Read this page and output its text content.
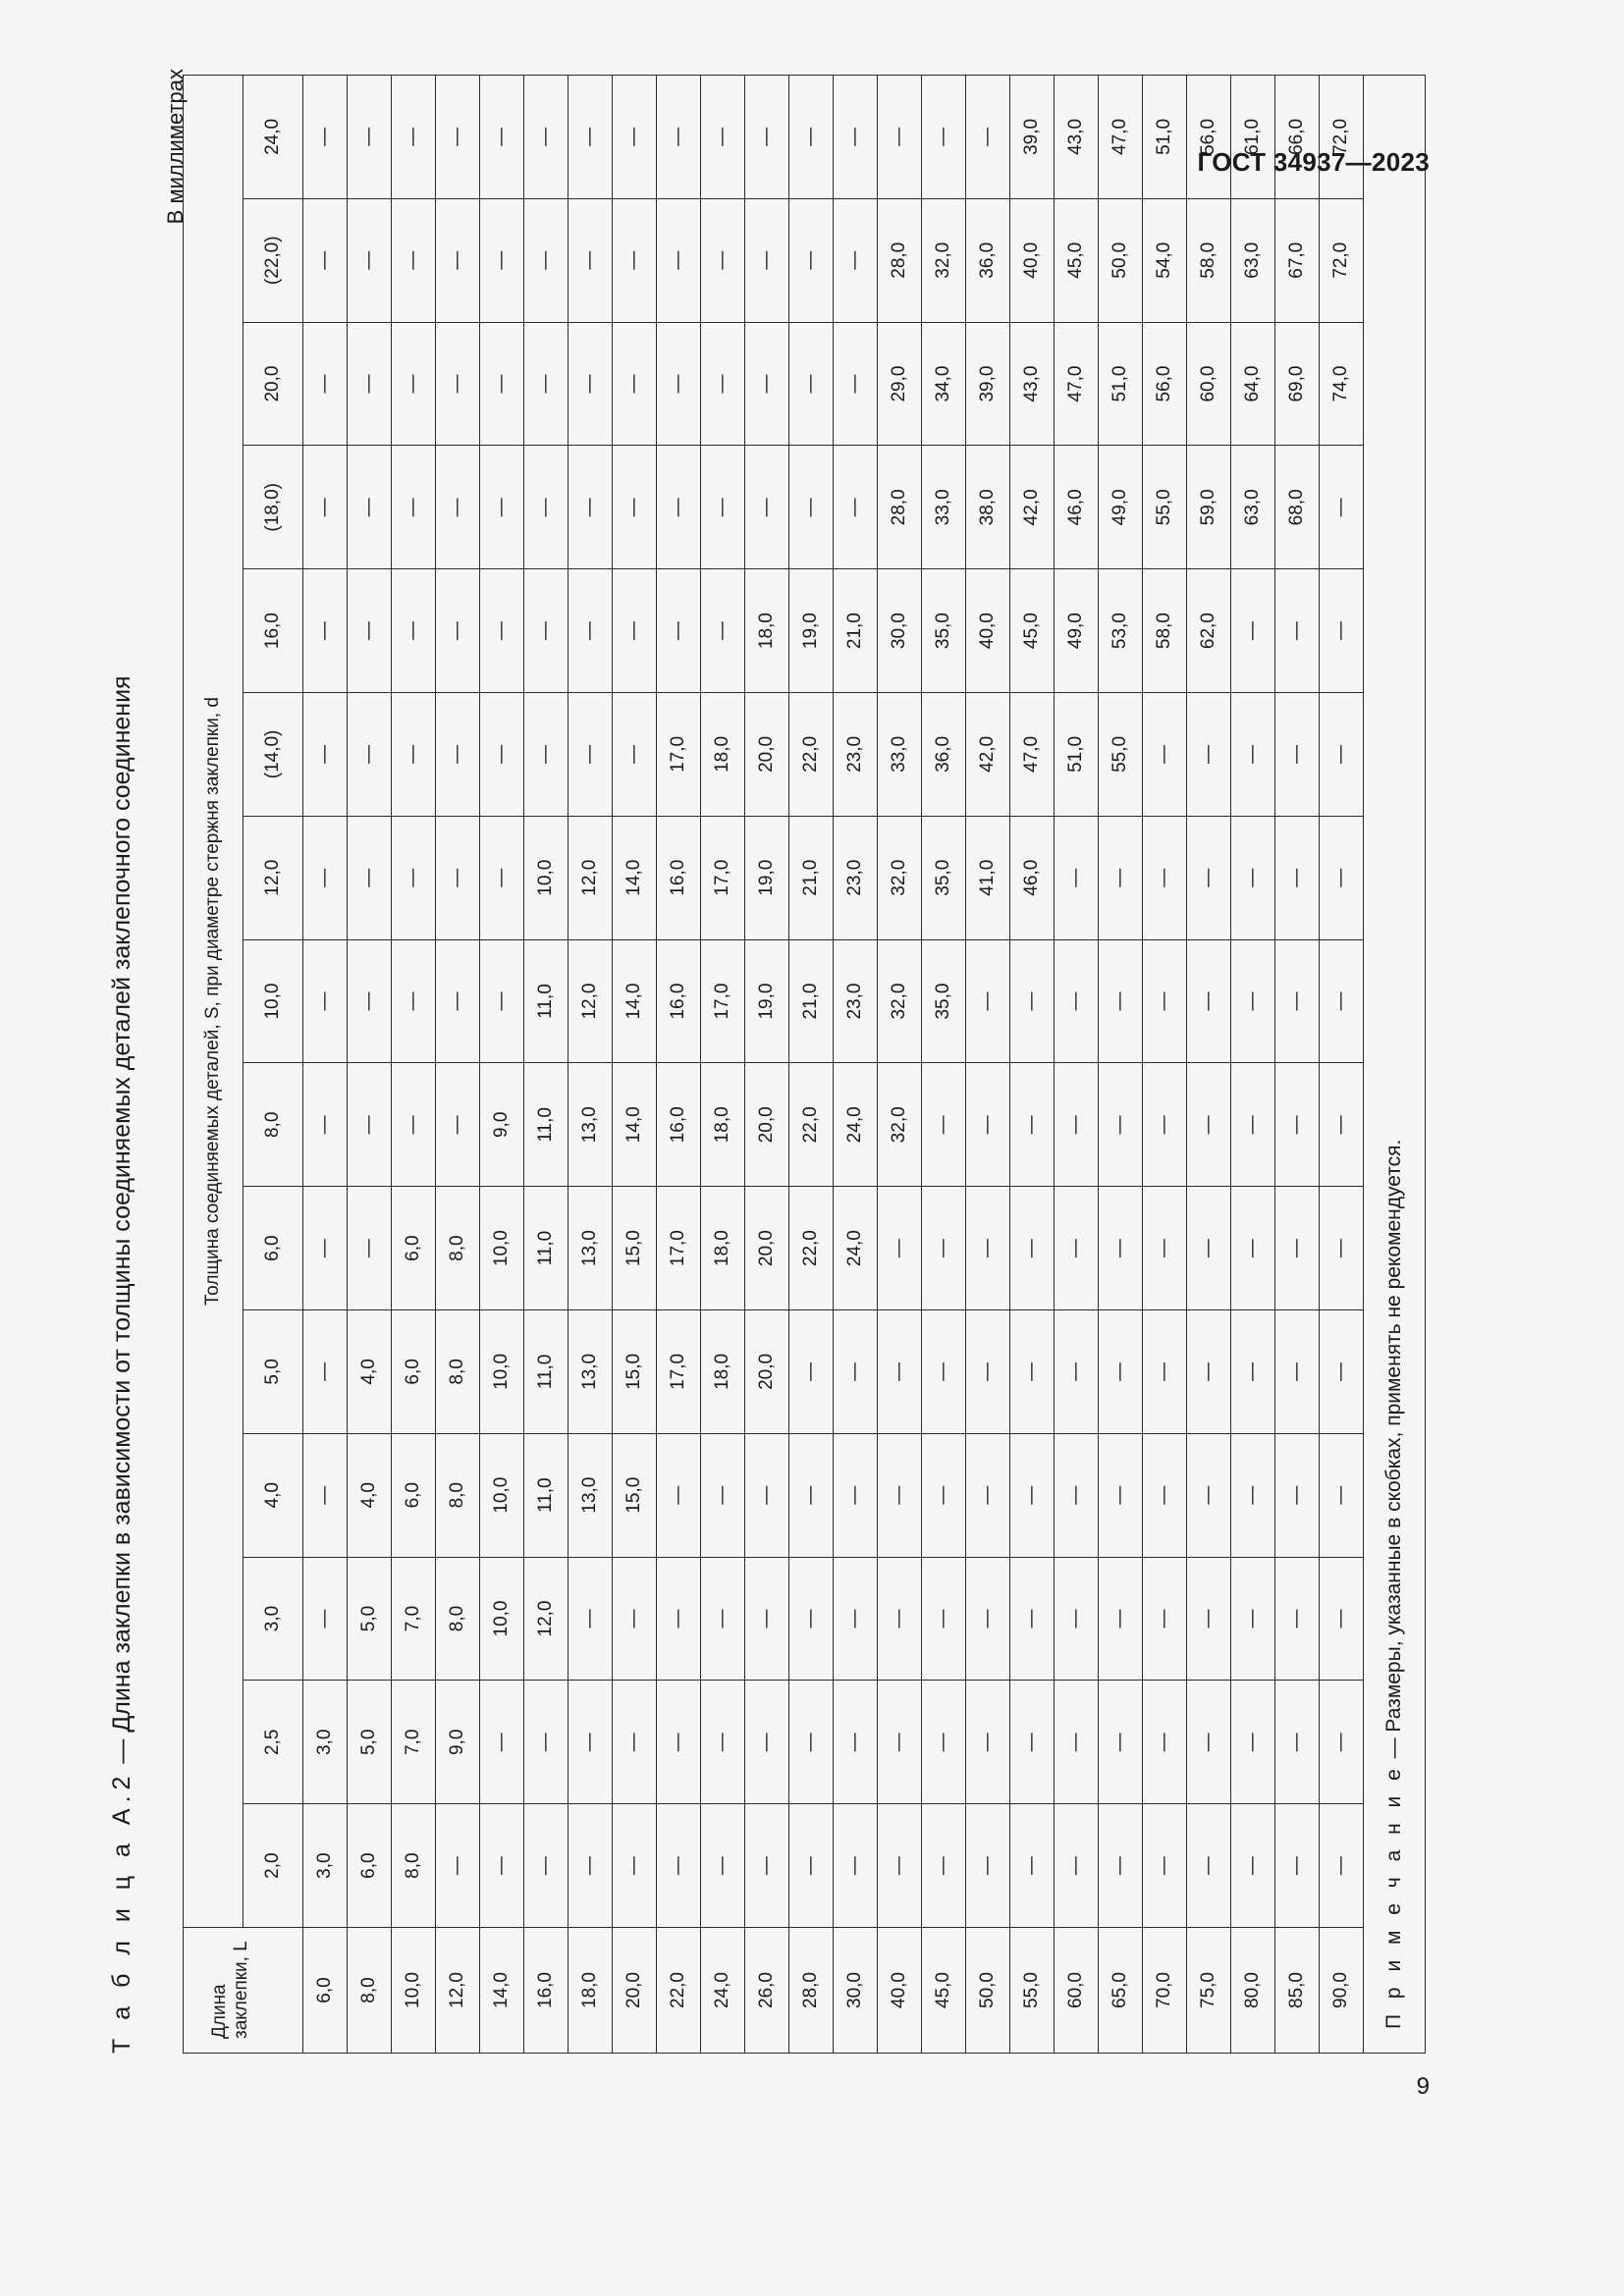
ГОСТ 34937—2023
Т а б л и ц а А.2 — Длина заклепки в зависимости от толщины соединяемых деталей заклепочного соединения
В миллиметрах
Длина заклепки, L	Толщина соединяемых деталей, S, при диаметре стержня заклепки, d														
	2,0	2,5	3,0	4,0	5,0	6,0	8,0	10,0	12,0	(14,0)	16,0	(18,0)	20,0	(22,0)	24,0
6,0	3,0	3,0	—	—	—	—	—	—	—	—	—	—	—	—	—
8,0	6,0	5,0	5,0	4,0	4,0	—	—	—	—	—	—	—	—	—	—
10,0	8,0	7,0	7,0	6,0	6,0	6,0	—	—	—	—	—	—	—	—	—
12,0	—	9,0	8,0	8,0	8,0	8,0	—	—	—	—	—	—	—	—	—
14,0	—	—	10,0	10,0	10,0	10,0	9,0	—	—	—	—	—	—	—	—
16,0	—	—	12,0	11,0	11,0	11,0	11,0	11,0	10,0	—	—	—	—	—	—
18,0	—	—	—	13,0	13,0	13,0	13,0	12,0	12,0	—	—	—	—	—	—
20,0	—	—	—	15,0	15,0	15,0	14,0	14,0	14,0	—	—	—	—	—	—
22,0	—	—	—	—	17,0	17,0	16,0	16,0	16,0	17,0	—	—	—	—	—
24,0	—	—	—	—	18,0	18,0	18,0	17,0	17,0	18,0	—	—	—	—	—
26,0	—	—	—	—	20,0	20,0	20,0	19,0	19,0	20,0	18,0	—	—	—	—
28,0	—	—	—	—	—	22,0	22,0	21,0	21,0	22,0	19,0	—	—	—	—
30,0	—	—	—	—	—	24,0	24,0	23,0	23,0	23,0	21,0	—	—	—	—
40,0	—	—	—	—	—	—	32,0	32,0	32,0	33,0	30,0	28,0	29,0	28,0	—
45,0	—	—	—	—	—	—	—	35,0	35,0	36,0	35,0	33,0	34,0	32,0	—
50,0	—	—	—	—	—	—	—	—	41,0	42,0	40,0	38,0	39,0	36,0	—
55,0	—	—	—	—	—	—	—	—	46,0	47,0	45,0	42,0	43,0	40,0	39,0
60,0	—	—	—	—	—	—	—	—	—	51,0	49,0	46,0	47,0	45,0	43,0
65,0	—	—	—	—	—	—	—	—	—	55,0	53,0	49,0	51,0	50,0	47,0
70,0	—	—	—	—	—	—	—	—	—	—	58,0	55,0	56,0	54,0	51,0
75,0	—	—	—	—	—	—	—	—	—	—	62,0	59,0	60,0	58,0	56,0
80,0	—	—	—	—	—	—	—	—	—	—	—	63,0	64,0	63,0	61,0
85,0	—	—	—	—	—	—	—	—	—	—	—	68,0	69,0	67,0	66,0
90,0	—	—	—	—	—	—	—	—	—	—	—	—	74,0	72,0	72,0
П р и м е ч а н и е — Размеры, указанные в скобках, применять не рекомендуется.															
9
